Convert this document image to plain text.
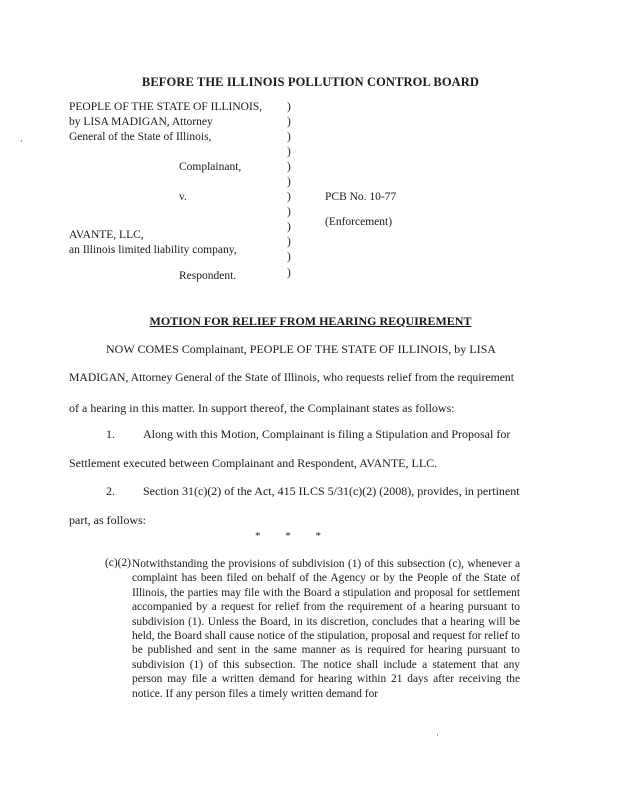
BEFORE THE ILLINOIS POLLUTION CONTROL BOARD
PEOPLE OF THE STATE OF ILLINOIS,
by LISA MADIGAN, Attorney
General of the State of Illinois,
Complainant,
v.	PCB No. 10-77
(Enforcement)
AVANTE, LLC,
an Illinois limited liability company,
Respondent.
)
)
)
)
)
)
)
)
)
)
)
)
·
MOTION FOR RELIEF FROM HEARING REQUIREMENT
NOW COMES Complainant, PEOPLE OF THE STATE OF ILLINOIS, by LISA
MADIGAN, Attorney General of the State of Illinois, who requests relief from the requirement
of a hearing in this matter. In support thereof, the Complainant states as follows:
1. Along with this Motion, Complainant is filing a Stipulation and Proposal for
Settlement executed between Complainant and Respondent, AVANTE, LLC.
2. Section 31(c)(2) of the Act, 415 ILCS 5/31(c)(2) (2008), provides, in pertinent
part, as follows:
* * *
(c)(2) Notwithstanding the provisions of subdivision (1) of this subsection (c), whenever a complaint has been filed on behalf of the Agency or by the People of the State of Illinois, the parties may file with the Board a stipulation and proposal for settlement accompanied by a request for relief from the requirement of a hearing pursuant to subdivision (1). Unless the Board, in its discretion, concludes that a hearing will be held, the Board shall cause notice of the stipulation, proposal and request for relief to be published and sent in the same manner as is required for hearing pursuant to subdivision (1) of this subsection. The notice shall include a statement that any person may file a written demand for hearing within 21 days after receiving the notice. If any person files a timely written demand for
·
